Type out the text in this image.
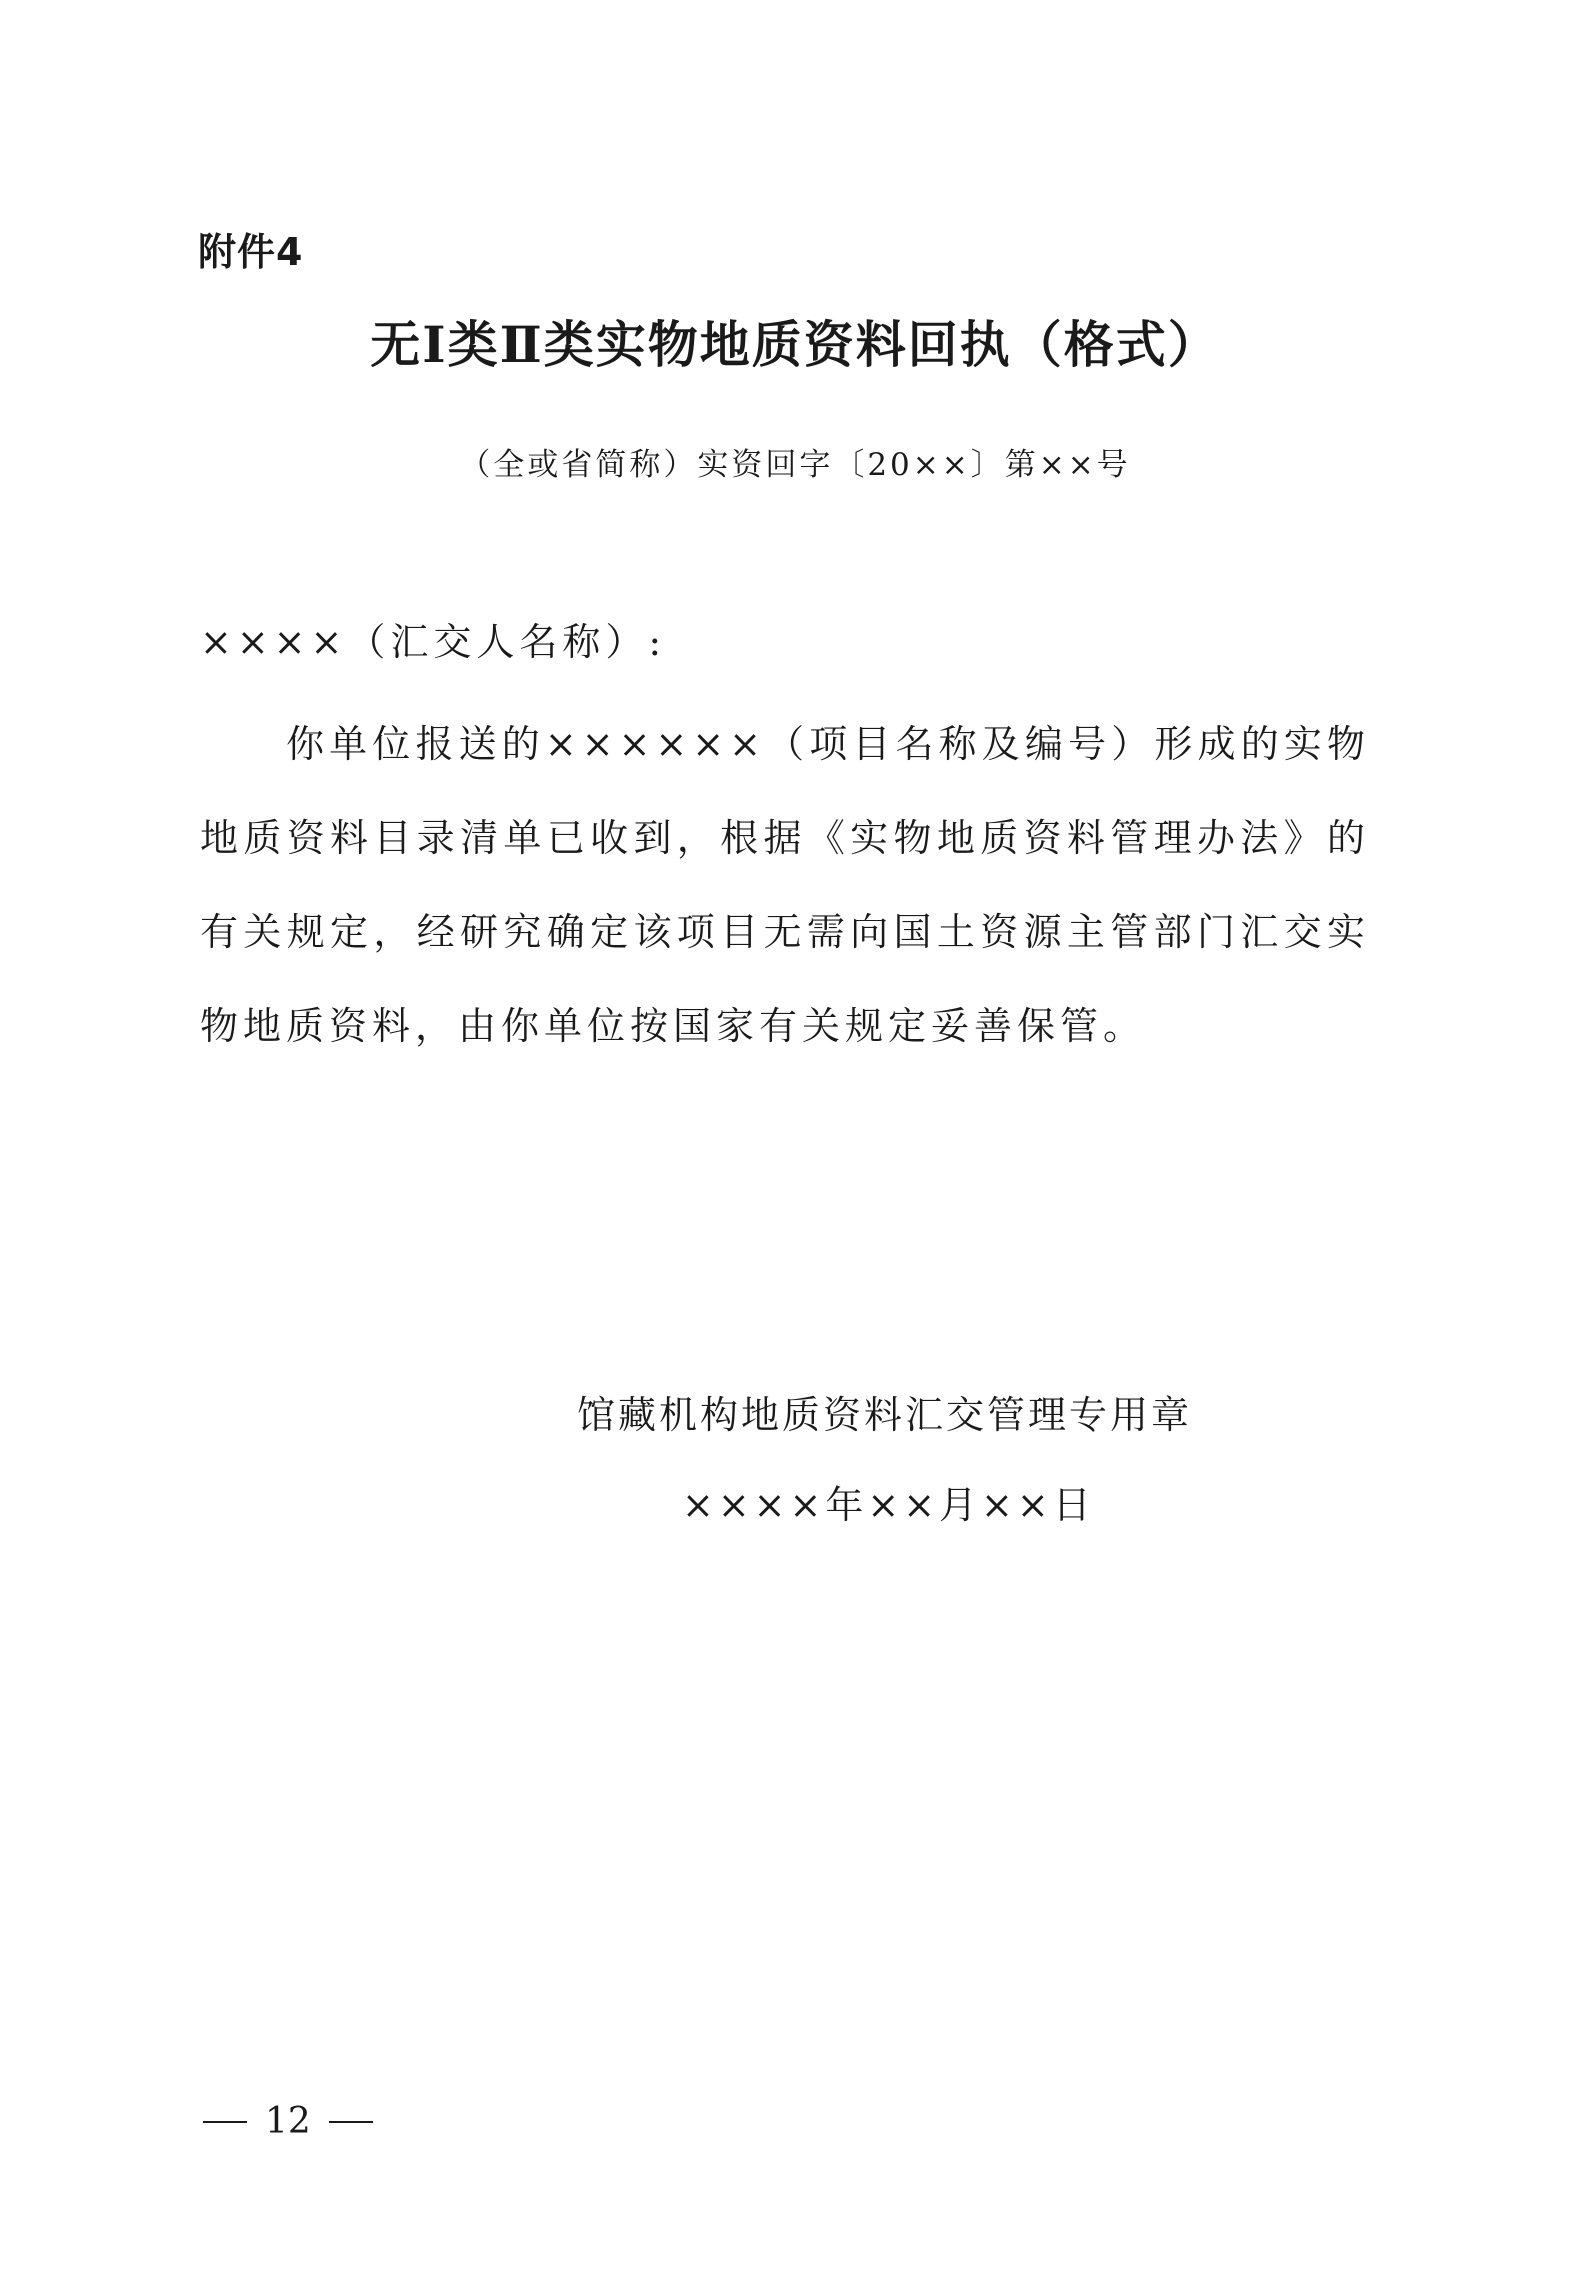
附件4
无Ⅰ类Ⅱ类实物地质资料回执（格式）
（全或省简称）实资回字〔20××〕第××号
××××（汇交人名称）:

你单位报送的××××××（项目名称及编号）形成的实物地质资料目录清单已收到，根据《实物地质资料管理办法》的有关规定，经研究确定该项目无需向国土资源主管部门汇交实物地质资料，由你单位按国家有关规定妥善保管。

馆藏机构地质资料汇交管理专用章
××××年××月××日
12
